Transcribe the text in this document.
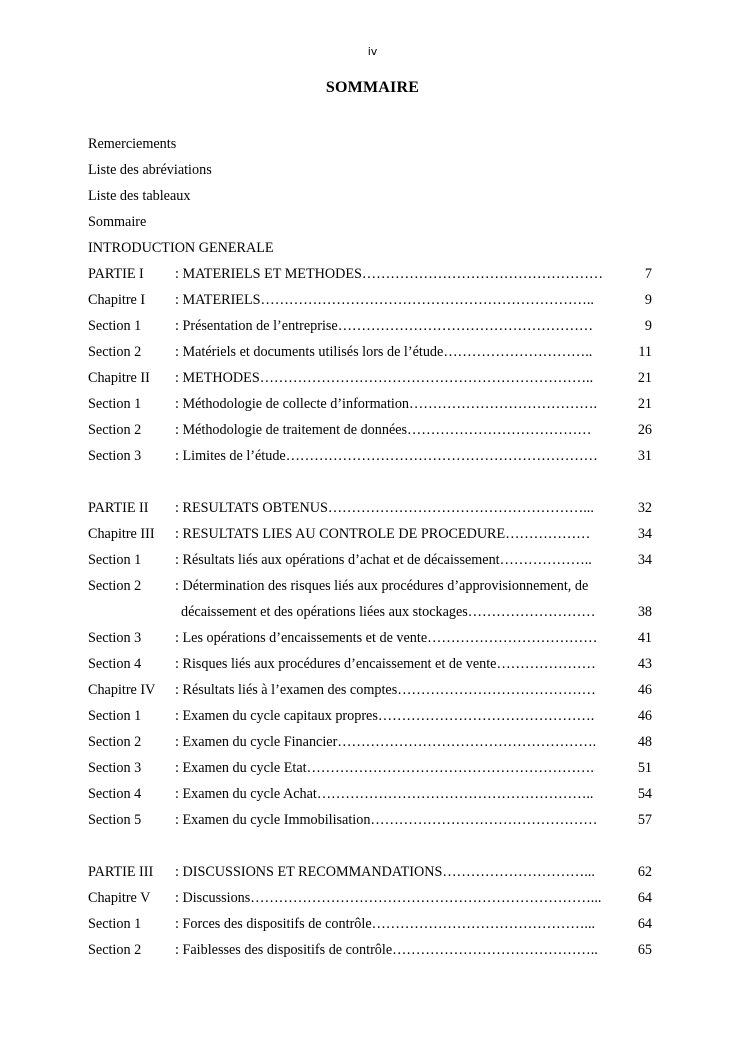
iv
SOMMAIRE
Remerciements
Liste des abréviations
Liste des tableaux
Sommaire
INTRODUCTION GENERALE
PARTIE I : MATERIELS ET METHODES……………………………………………	7
Chapitre I : MATERIELS……………………………………………………………..	9
Section 1 : Présentation de l’entreprise………………………………………………	9
Section 2 : Matériels et documents utilisés lors de l’étude…………………………..	11
Chapitre II : METHODES……………………………………………………………..	21
Section 1 : Méthodologie de collecte d’information………………………………….	21
Section 2 : Méthodologie de traitement de données…………………………………	26
Section 3 : Limites de l’étude…………………………………………………………	31
PARTIE II : RESULTATS OBTENUS………………………………………………...	32
Chapitre III : RESULTATS LIES AU CONTROLE DE PROCEDURE………………	34
Section 1 : Résultats liés aux opérations d’achat et de décaissement………………..	34
Section 2 : Détermination des risques liés aux procédures d’approvisionnement, de
décaissement et des opérations liées aux stockages………………………	38
Section 3 : Les opérations d’encaissements et de vente………………………………	41
Section 4 : Risques liés aux procédures d’encaissement et de vente…………………	43
Chapitre IV : Résultats liés à l’examen des comptes……………………………………	46
Section 1 : Examen du cycle capitaux propres……………………………………….	46
Section 2 : Examen du cycle Financier……………………………………………….	48
Section 3 : Examen du cycle Etat…………………………………………………….	51
Section 4 : Examen du cycle Achat…………………………………………………..	54
Section 5 : Examen du cycle Immobilisation…………………………………………	57
PARTIE III : DISCUSSIONS ET RECOMMANDATIONS…………………………...	62
Chapitre V : Discussions………………………………………………………………...	64
Section 1 : Forces des dispositifs de contrôle………………………………………...	64
Section 2 : Faiblesses des dispositifs de contrôle……………………………………..	65
